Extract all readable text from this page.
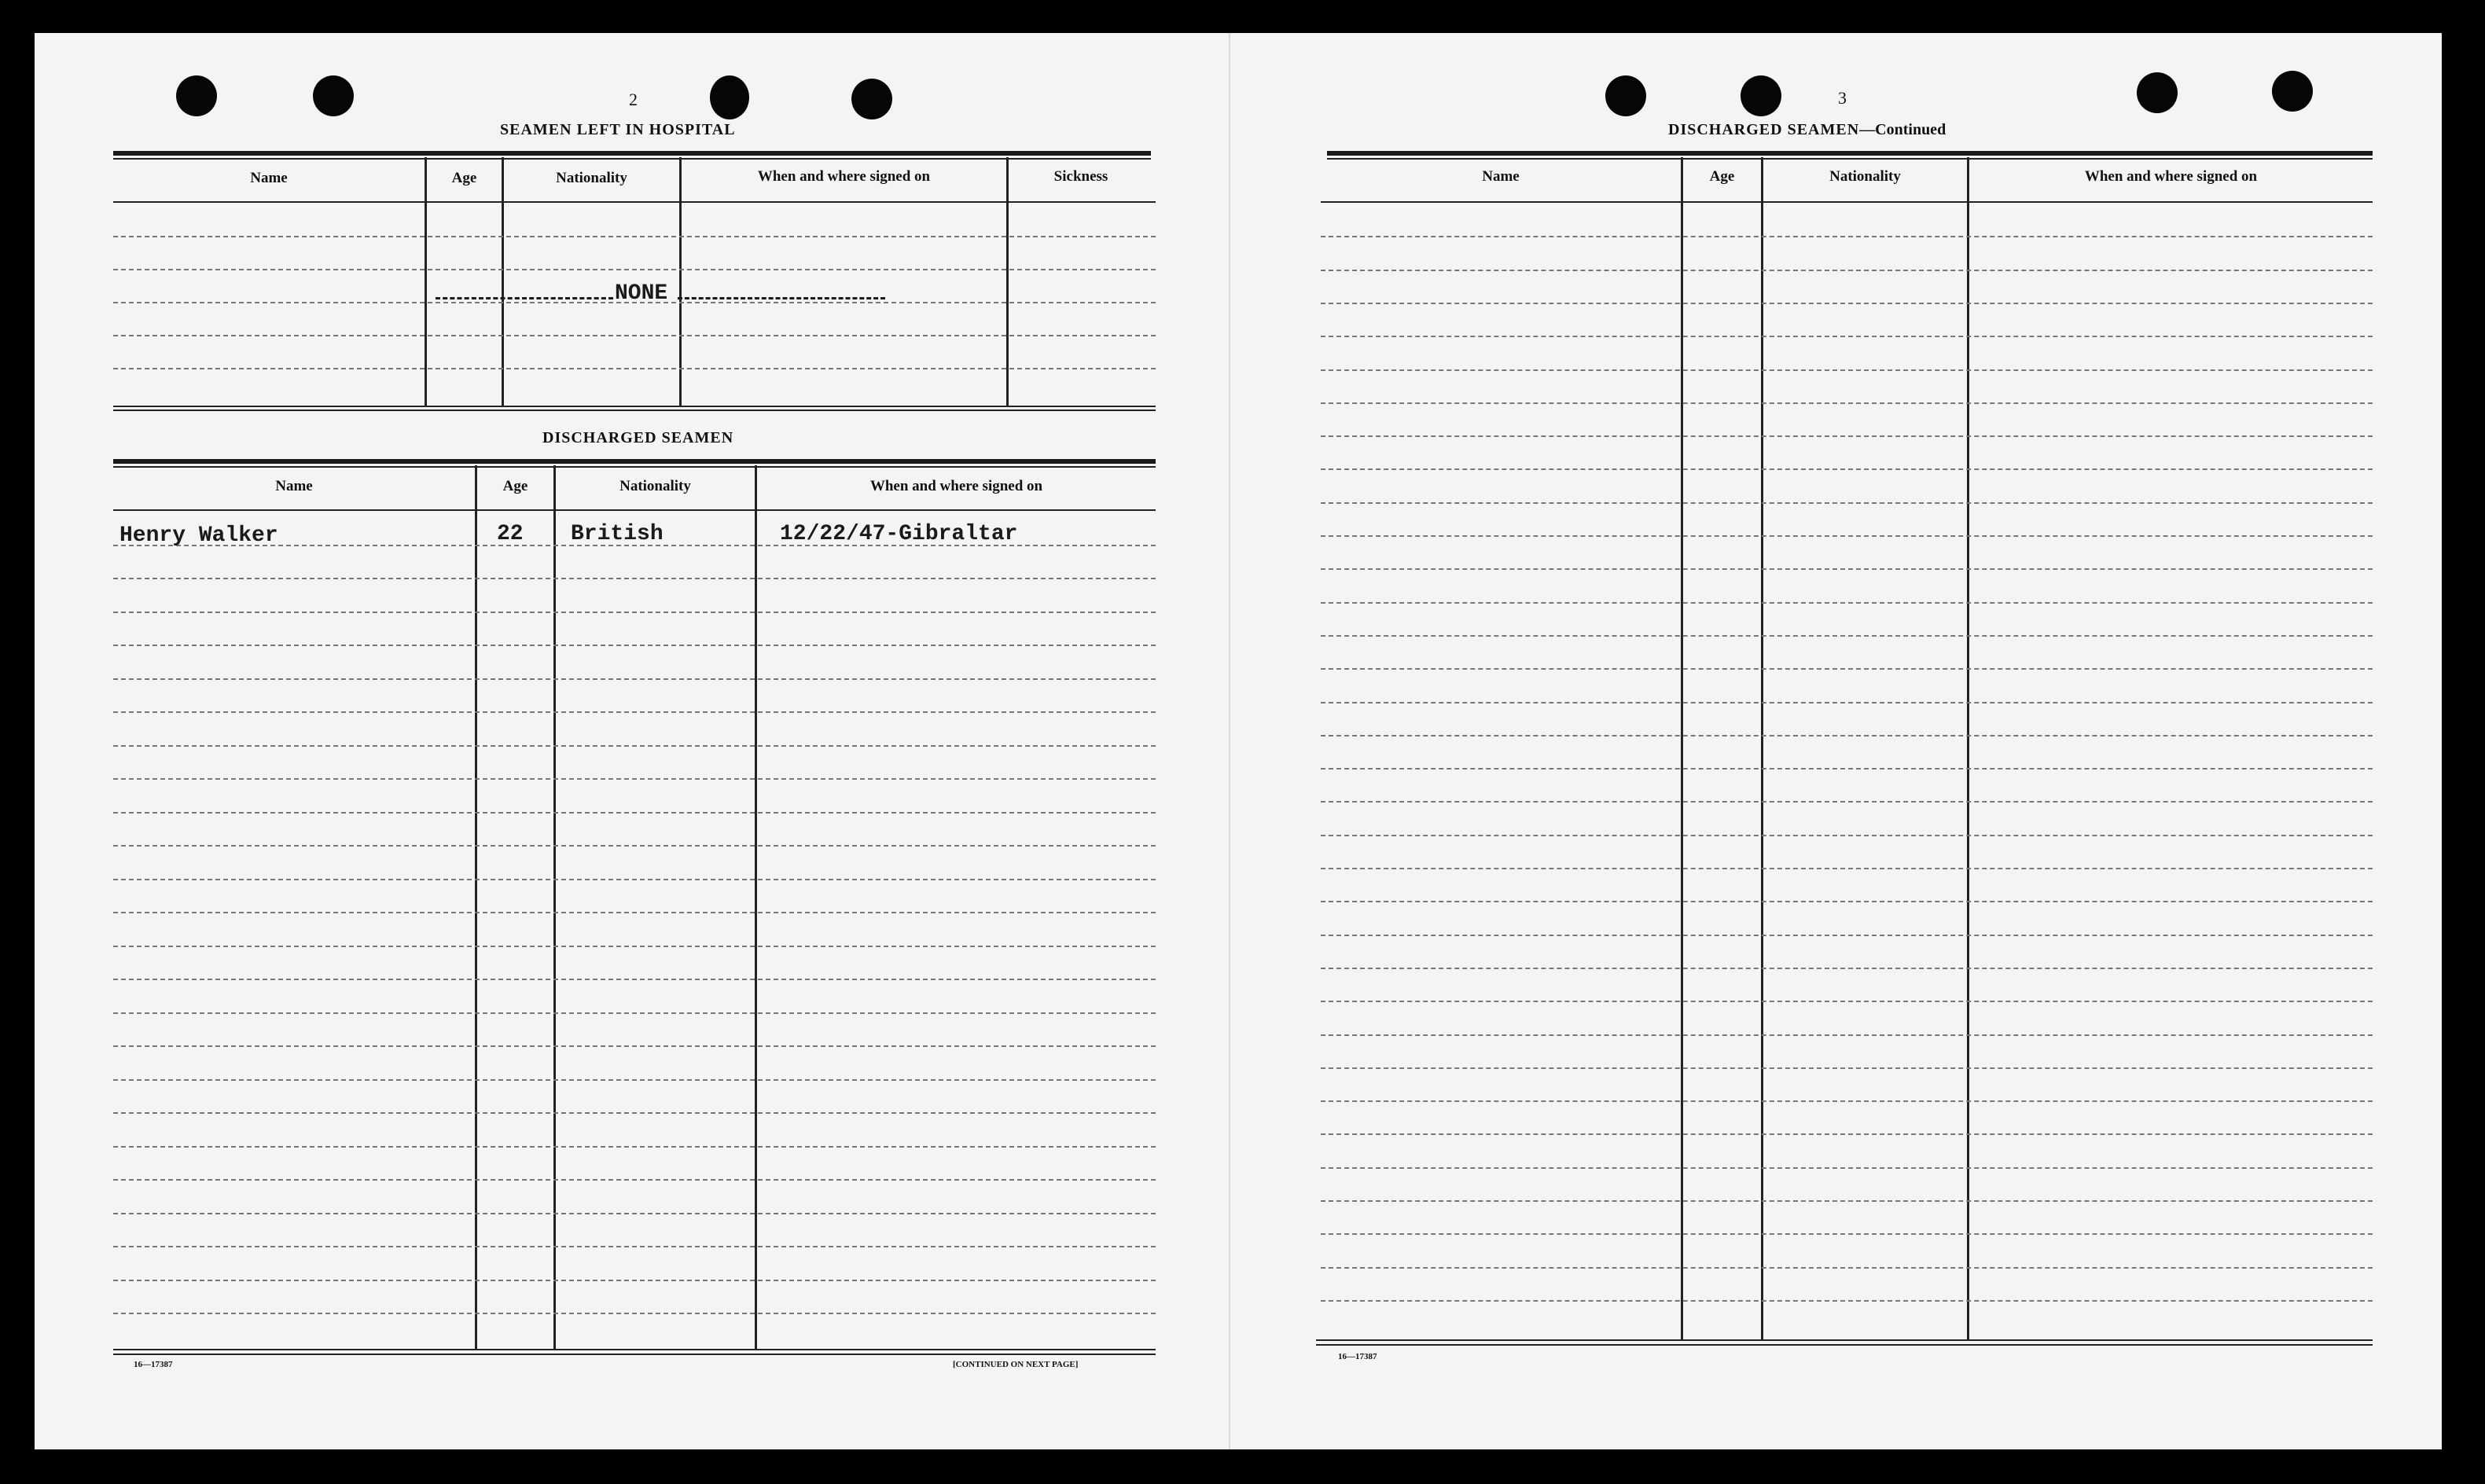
2
SEAMEN LEFT IN HOSPITAL
Name	Age	Nationality	When and where signed on	Sickness
NONE
DISCHARGED SEAMEN
Name	Age	Nationality	When and where signed on
Henry Walker	22 British	12/22/47-Gibraltar
16—17387	[CONTINUED ON NEXT PAGE]
3
DISCHARGED SEAMEN—Continued
Name	Age	Nationality	When and where signed on
16—17387
